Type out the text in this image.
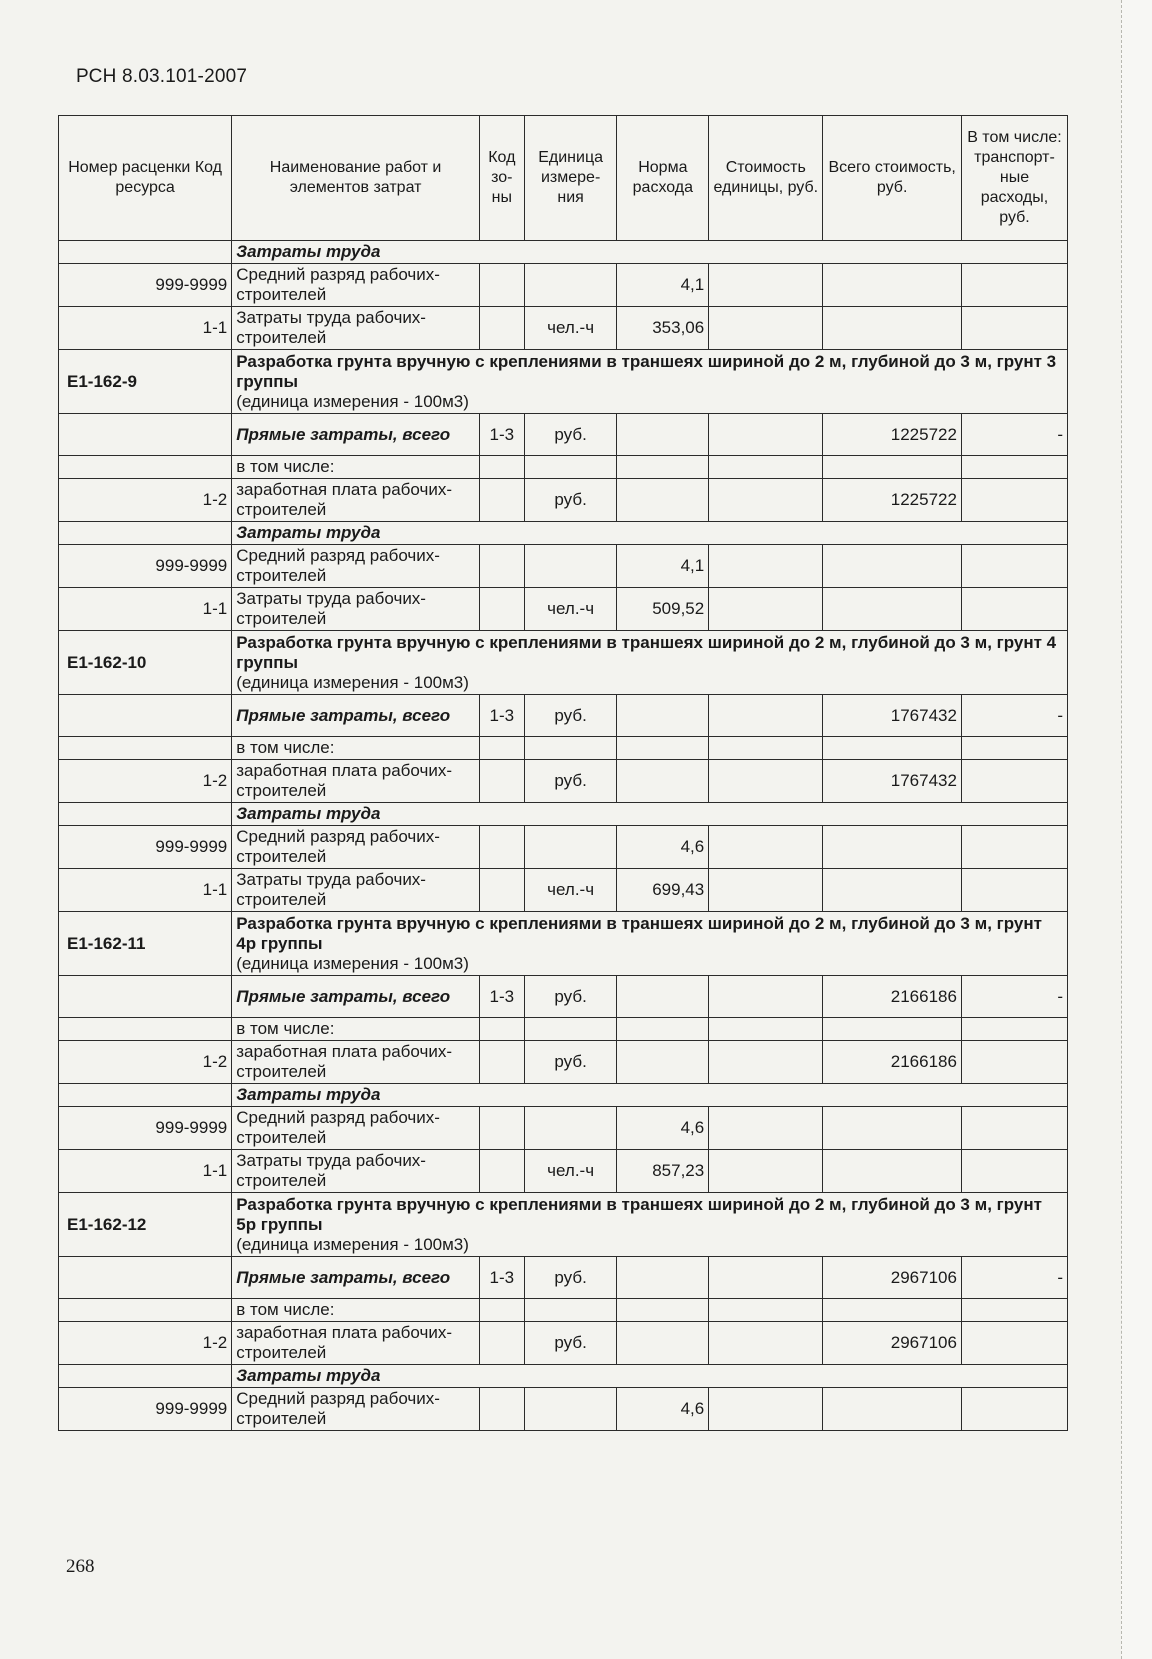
РСН 8.03.101-2007
Номер расценки Код ресурса	Наименование работ и элементов затрат	Код зо- ны	Единица измере- ния	Норма расхода	Стоимость единицы, руб.	Всего стоимость, руб.	В том числе: транспорт- ные расходы, руб.
	Затраты труда						
999-9999	Средний разряд рабочих-строителей			4,1			
1-1	Затраты труда рабочих-строителей		чел.-ч	353,06			
Е1-162-9	Разработка грунта вручную с креплениями в траншеях шириной до 2 м, глубиной до 3 м, грунт 3 группы
(единица измерения - 100м3)						

	Прямые затраты, всего	1-3	руб.			1225722	-
	в том числе:						
1-2	заработная плата рабочих-строителей		руб.			1225722	
	Затраты труда						
999-9999	Средний разряд рабочих-строителей			4,1			
1-1	Затраты труда рабочих-строителей		чел.-ч	509,52			
Е1-162-10	Разработка грунта вручную с креплениями в траншеях шириной до 2 м, глубиной до 3 м, грунт 4 группы
(единица измерения - 100м3)						

	Прямые затраты, всего	1-3	руб.			1767432	-
	в том числе:						
1-2	заработная плата рабочих-строителей		руб.			1767432	
	Затраты труда						
999-9999	Средний разряд рабочих-строителей			4,6			
1-1	Затраты труда рабочих-строителей		чел.-ч	699,43			
Е1-162-11	Разработка грунта вручную с креплениями в траншеях шириной до 2 м, глубиной до 3 м, грунт 4р группы
(единица измерения - 100м3)						

	Прямые затраты, всего	1-3	руб.			2166186	-
	в том числе:						
1-2	заработная плата рабочих-строителей		руб.			2166186	
	Затраты труда						
999-9999	Средний разряд рабочих-строителей			4,6			
1-1	Затраты труда рабочих-строителей		чел.-ч	857,23			
Е1-162-12	Разработка грунта вручную с креплениями в траншеях шириной до 2 м, глубиной до 3 м, грунт 5р группы
(единица измерения - 100м3)						

	Прямые затраты, всего	1-3	руб.			2967106	-
	в том числе:						
1-2	заработная плата рабочих-строителей		руб.			2967106	
	Затраты труда						
999-9999	Средний разряд рабочих-строителей			4,6			
268
